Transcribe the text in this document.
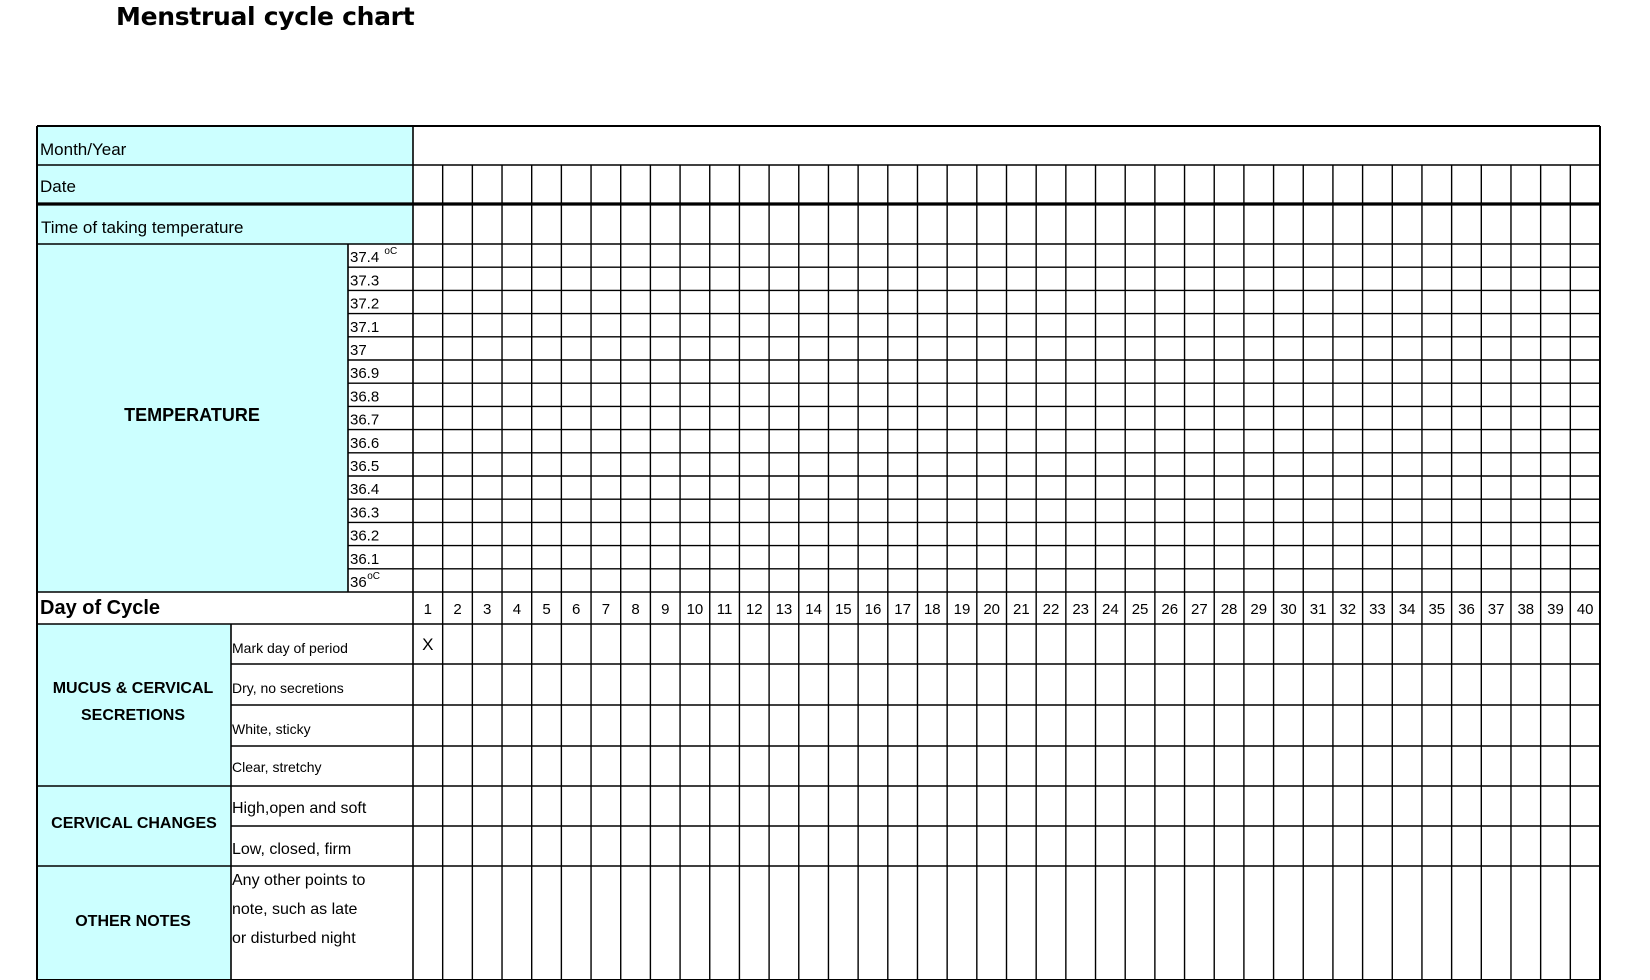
Menstrual cycle chart
Month/Year
Date
Time of taking temperature
TEMPERATURE
Day of Cycle
MUCUS & CERVICAL
SECRETIONS
CERVICAL CHANGES
OTHER NOTES
Mark day of period
Dry, no secretions
White, sticky
Clear, stretchy
High,open and soft
Low, closed, firm
Any other points to
note, such as late
or disturbed night
37.4 oC
37.3
37.2
37.1
37
36.9
36.8
36.7
36.6
36.5
36.4
36.3
36.2
36.1
36 oC
1 2 3 4 5 6 7 8 9 10 11 12 13 14 15 16 17 18 19 20 21 22 23 24 25 26 27 28 29 30 31 32 33 34 35 36 37 38 39 40
X
